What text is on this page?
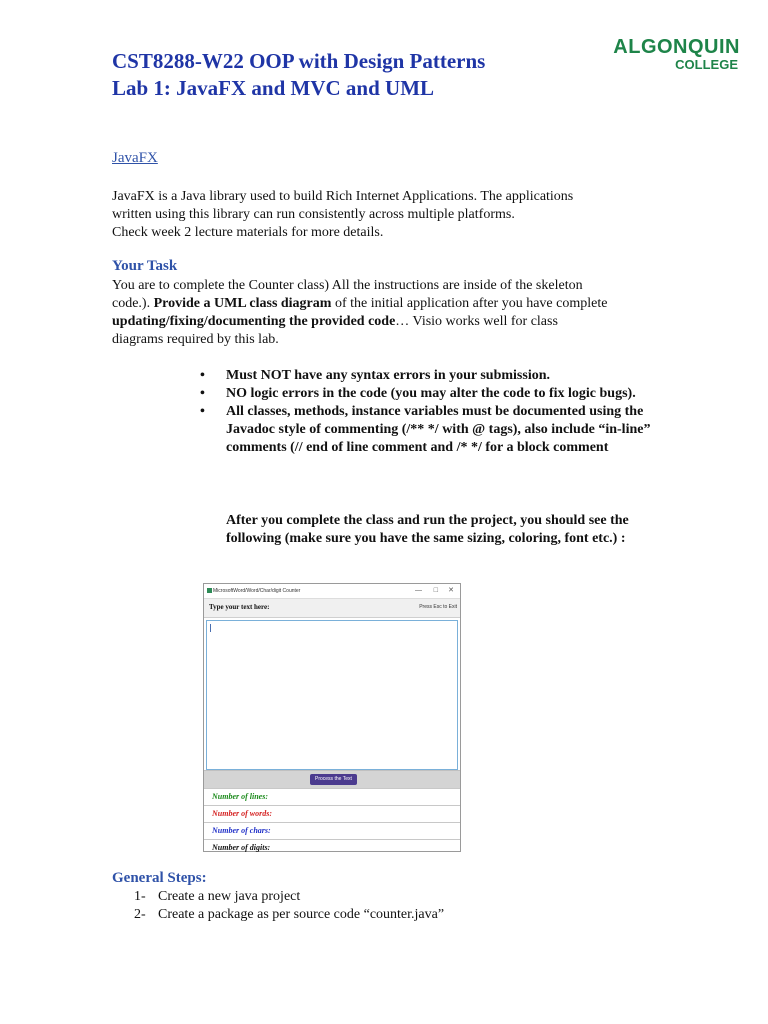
CST8288-W22 OOP with Design Patterns
Lab 1: JavaFX and MVC and UML
ALGONQUIN
COLLEGE
JavaFX

JavaFX is a Java library used to build Rich Internet Applications. The applications
written using this library can run consistently across multiple platforms.
Check week 2 lecture materials for more details.

Your Task

You are to complete the Counter class) All the instructions are inside of the skeleton
code.). Provide a UML class diagram of the initial application after you have complete
updating/fixing/documenting the provided code… Visio works well for class
diagrams required by this lab.

• Must NOT have any syntax errors in your submission.
• NO logic errors in the code (you may alter the code to fix logic bugs).
• All classes, methods, instance variables must be documented using the Javadoc style of commenting (/** */ with @ tags), also include “in-line” comments (// end of line comment and /* */ for a block comment

After you complete the class and run the project, you should see the following (make sure you have the same sizing, coloring, font etc.) :

MicrosoftWord/Word/Char/digit Counter	— □ ✕
Type your text here:	Press Esc to Exit
Process the Text
Number of lines:
Number of words:
Number of chars:
Number of digits:
General Steps:
1- Create a new java project
2- Create a package as per source code “counter.java”
